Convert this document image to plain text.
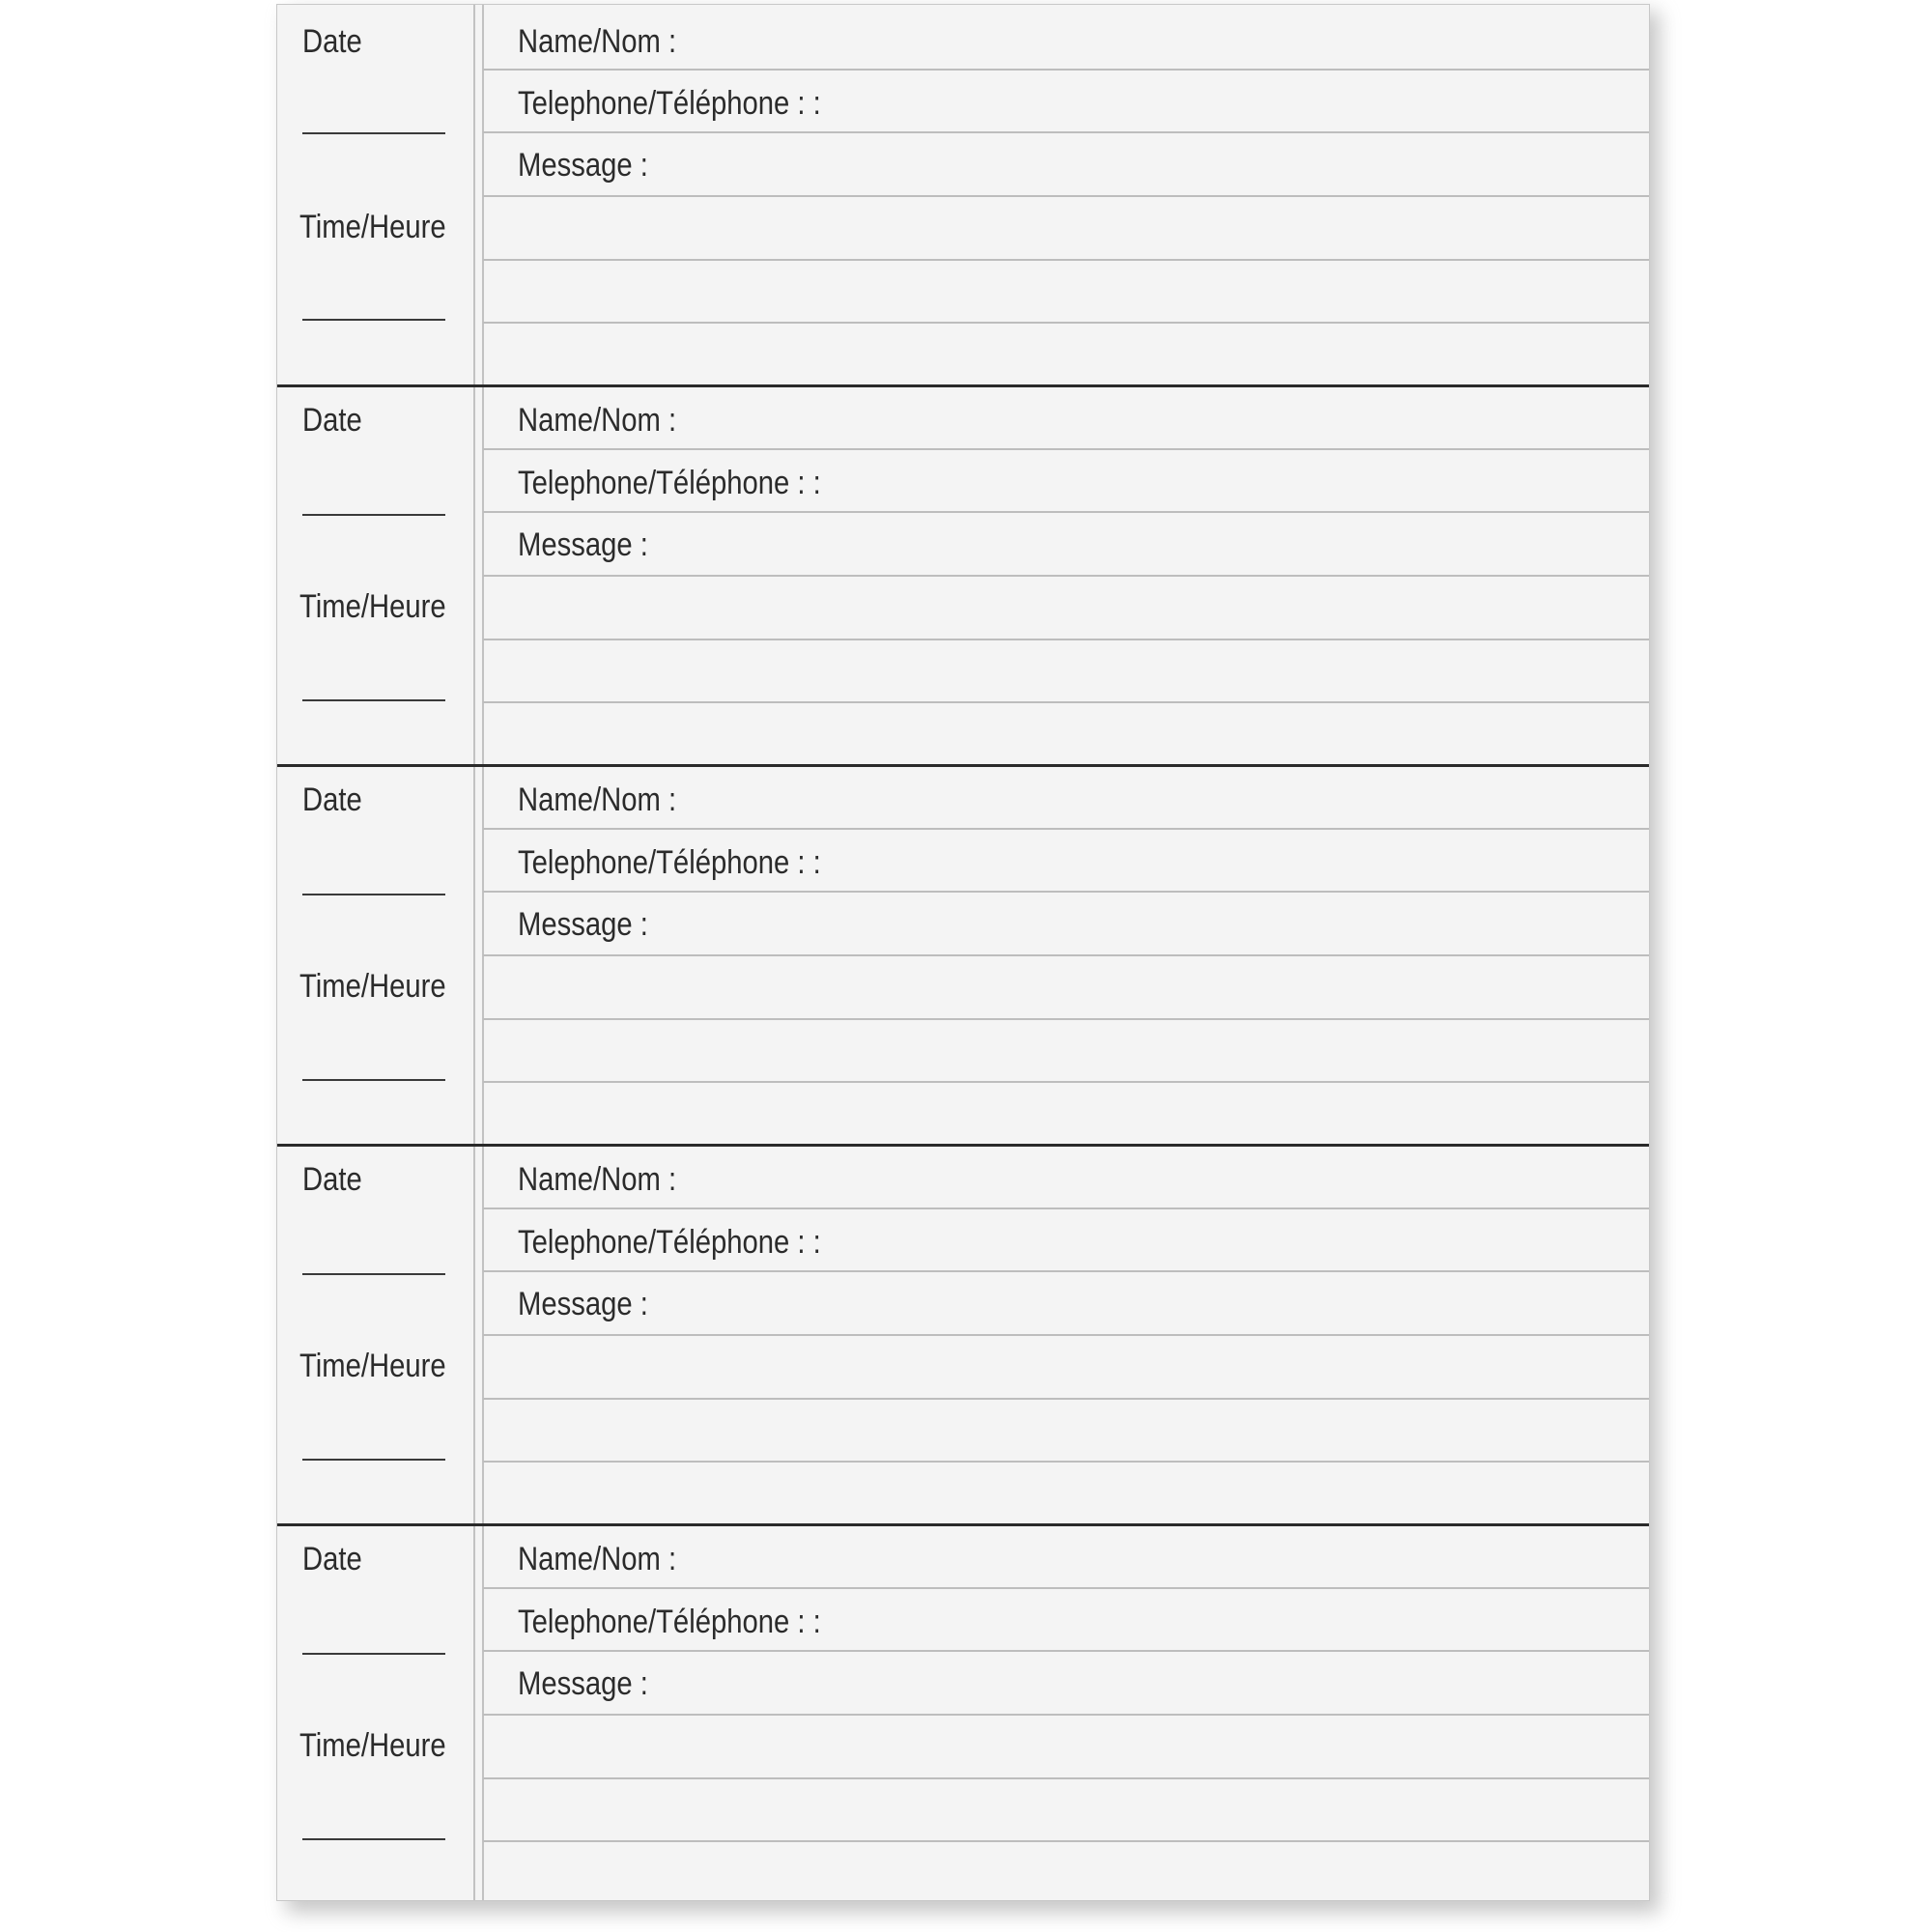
Date
Time/Heure
Name/Nom :
Telephone/Téléphone : :
Message :
Date
Time/Heure
Name/Nom :
Telephone/Téléphone : :
Message :
Date
Time/Heure
Name/Nom :
Telephone/Téléphone : :
Message :
Date
Time/Heure
Name/Nom :
Telephone/Téléphone : :
Message :
Date
Time/Heure
Name/Nom :
Telephone/Téléphone : :
Message :
